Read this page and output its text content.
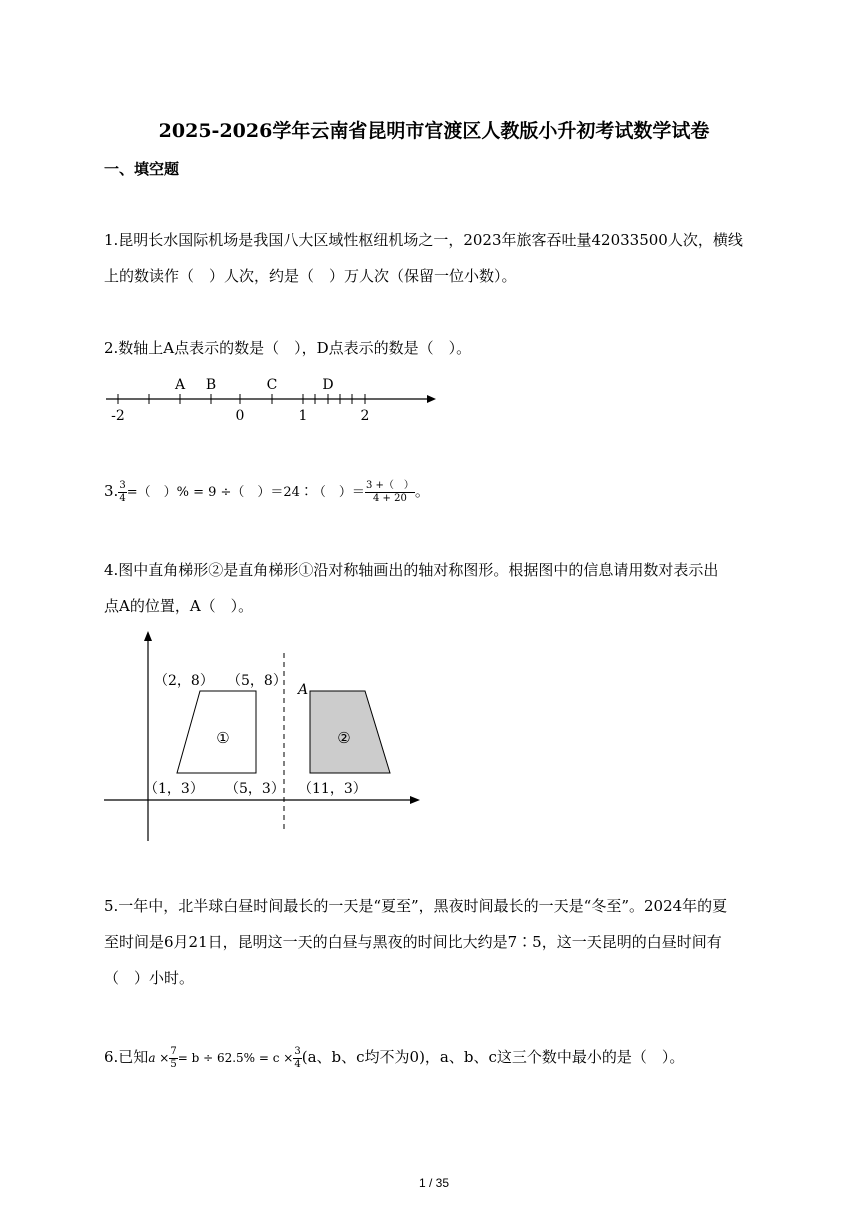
2025-2026学年云南省昆明市官渡区人教版小升初考试数学试卷
一、填空题
1.昆明长水国际机场是我国八大区域性枢纽机场之一，2023年旅客吞吐量42033500人次，横线
上的数读作（　）人次，约是（　）万人次（保留一位小数）。
2.数轴上A点表示的数是（　），D点表示的数是（　）。
A B	C	D
-2	0	1	2
3. $\frac{3}{4}$ =（　）% = 9 ÷（　）＝24∶（　）＝ $\frac{3 +( )}{4 + 20}$ 。
4.图中直角梯形②是直角梯形①沿对称轴画出的轴对称图形。根据图中的信息请用数对表示出
点A的位置，A（　）。
①	②
（2，8） （5，8）
A
（1，3） （5，3） （11，3）
5.一年中，北半球白昼时间最长的一天是“夏至”，黑夜时间最长的一天是“冬至”。2024年的夏
至时间是6月21日，昆明这一天的白昼与黑夜的时间比大约是7∶5，这一天昆明的白昼时间有
（　）小时。
6.已知$a \times \frac{7}{5} = b \div 62.5\% = c \times \frac{3}{4} (a$、b、c均不为0)，a、b、c这三个数中最小的是（　）。
1 / 35
